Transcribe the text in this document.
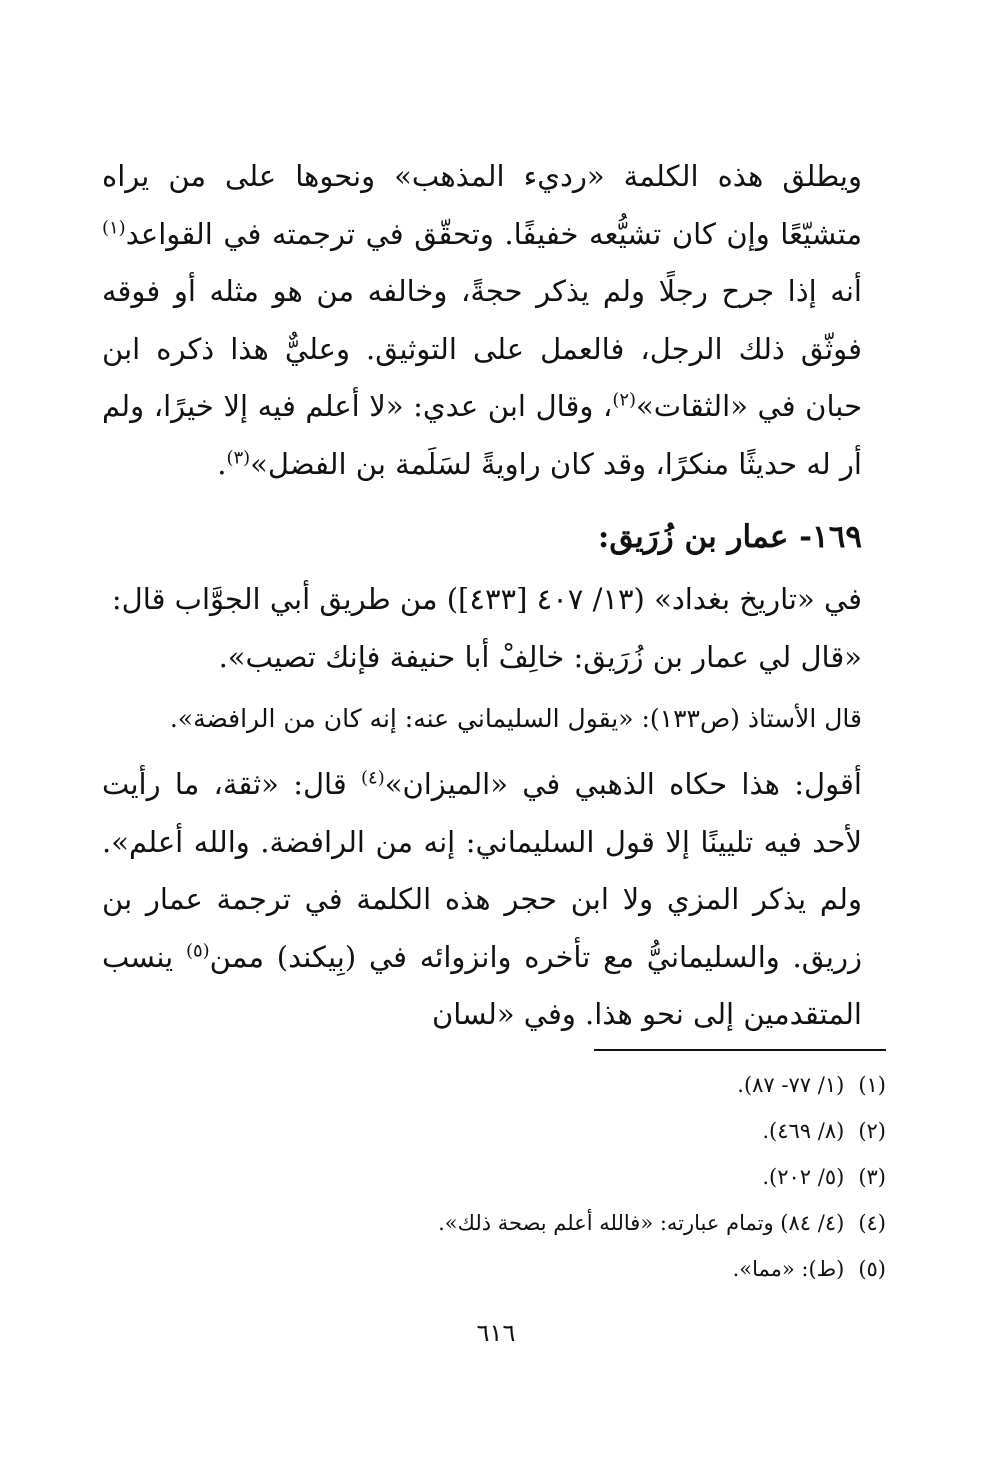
ويطلق هذه الكلمة «رديء المذهب» ونحوها على من يراه متشيّعًا وإن كان تشيُّعه خفيفًا. وتحقّق في ترجمته في القواعد$^{(١)}$ أنه إذا جرح رجلًا ولم يذكر حجةً، وخالفه من هو مثله أو فوقه فوثّق ذلك الرجل، فالعمل على التوثيق. وعليٌّ هذا ذكره ابن حبان في «الثقات»$^{(٢)}$، وقال ابن عدي: «لا أعلم فيه إلا خيرًا، ولم أر له حديثًا منكرًا، وقد كان راويةً لسَلَمة بن الفضل»$^{(٣)}$.

١٦٩- عمار بن زُرَيق:

في «تاريخ بغداد» (١٣/ ٤٠٧ [٤٣٣]) من طريق أبي الجوَّاب قال:
«قال لي عمار بن زُرَيق: خالِفْ أبا حنيفة فإنك تصيب».

قال الأستاذ (ص١٣٣): «يقول السليماني عنه: إنه كان من الرافضة».

أقول: هذا حكاه الذهبي في «الميزان»$^{(٤)}$ قال: «ثقة، ما رأيت لأحد فيه تليينًا إلا قول السليماني: إنه من الرافضة. والله أعلم». ولم يذكر المزي ولا ابن حجر هذه الكلمة في ترجمة عمار بن زريق. والسليمانيُّ مع تأخره وانزوائه في (بِيكند) ممن$^{(٥)}$ ينسب المتقدمين إلى نحو هذا. وفي «لسان

(١)(١/ ٧٧- ٨٧).
(٢)(٨/ ٤٦٩).
(٣)(٥/ ٢٠٢).
(٤)(٤/ ٨٤) وتمام عبارته: «فالله أعلم بصحة ذلك».
(٥)(ط): «مما».
٦١٦
